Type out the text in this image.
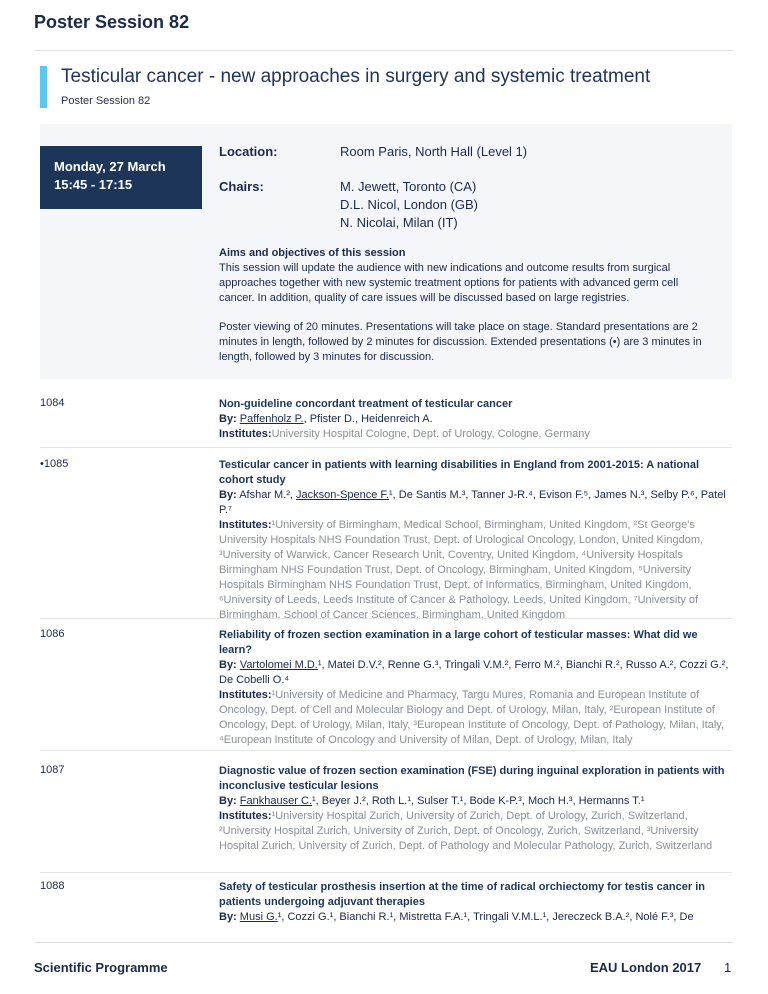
Poster Session 82
Testicular cancer - new approaches in surgery and systemic treatment
Poster Session 82
Monday, 27 March
15:45 - 17:15
Location:	Room Paris, North Hall (Level 1)
Chairs:	M. Jewett, Toronto (CA)
D.L. Nicol, London (GB)
N. Nicolai, Milan (IT)
Aims and objectives of this session
This session will update the audience with new indications and outcome results from surgical approaches together with new systemic treatment options for patients with advanced germ cell cancer. In addition, quality of care issues will be discussed based on large registries.
Poster viewing of 20 minutes. Presentations will take place on stage. Standard presentations are 2 minutes in length, followed by 2 minutes for discussion. Extended presentations (•) are 3 minutes in length, followed by 3 minutes for discussion.
1084	Non-guideline concordant treatment of testicular cancer
By: Paffenholz P., Pfister D., Heidenreich A.
Institutes:University Hospital Cologne, Dept. of Urology, Cologne, Germany
•1085	Testicular cancer in patients with learning disabilities in England from 2001-2015: A national cohort study
By: Afshar M.², Jackson-Spence F.¹, De Santis M.³, Tanner J-R.⁴, Evison F.⁵, James N.³, Selby P.⁶, Patel P.⁷
Institutes:¹University of Birmingham, Medical School, Birmingham, United Kingdom, ²St George's University Hospitals NHS Foundation Trust, Dept. of Urological Oncology, London, United Kingdom, ³University of Warwick, Cancer Research Unit, Coventry, United Kingdom, ⁴University Hospitals Birmingham NHS Foundation Trust, Dept. of Oncology, Birmingham, United Kingdom, ⁵University Hospitals Birmingham NHS Foundation Trust, Dept. of Informatics, Birmingham, United Kingdom, ⁶University of Leeds, Leeds Institute of Cancer & Pathology, Leeds, United Kingdom, ⁷University of Birmingham, School of Cancer Sciences, Birmingham, United Kingdom
1086	Reliability of frozen section examination in a large cohort of testicular masses: What did we learn?
By: Vartolomei M.D.¹, Matei D.V.², Renne G.³, Tringali V.M.², Ferro M.², Bianchi R.², Russo A.², Cozzi G.², De Cobelli O.⁴
Institutes:¹University of Medicine and Pharmacy, Targu Mures, Romania and European Institute of Oncology, Dept. of Cell and Molecular Biology and Dept. of Urology, Milan, Italy, ²European Institute of Oncology, Dept. of Urology, Milan, Italy, ³European Institute of Oncology, Dept. of Pathology, Milan, Italy, ⁴European Institute of Oncology and University of Milan, Dept. of Urology, Milan, Italy
1087	Diagnostic value of frozen section examination (FSE) during inguinal exploration in patients with inconclusive testicular lesions
By: Fankhauser C.¹, Beyer J.², Roth L.¹, Sulser T.¹, Bode K-P.³, Moch H.³, Hermanns T.¹
Institutes:¹University Hospital Zurich, University of Zurich, Dept. of Urology, Zurich, Switzerland, ²University Hospital Zurich, University of Zurich, Dept. of Oncology, Zurich, Switzerland, ³University Hospital Zurich, University of Zurich, Dept. of Pathology and Molecular Pathology, Zurich, Switzerland
1088	Safety of testicular prosthesis insertion at the time of radical orchiectomy for testis cancer in patients undergoing adjuvant therapies
By: Musi G.¹, Cozzi G.¹, Bianchi R.¹, Mistretta F.A.¹, Tringali V.M.L.¹, Jereczeck B.A.², Nolé F.³, De
Scientific Programme	EAU London 2017 1
